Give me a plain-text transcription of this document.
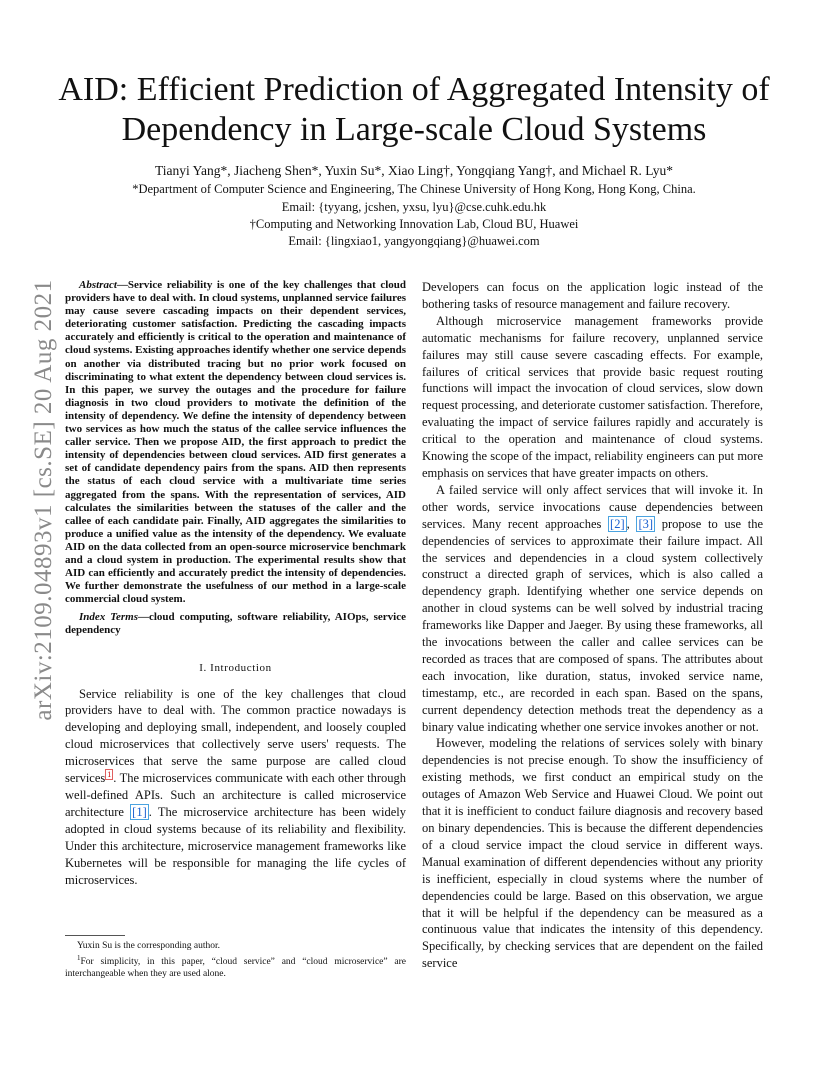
arXiv:2109.04893v1 [cs.SE] 20 Aug 2021
AID: Efficient Prediction of Aggregated Intensity of
Dependency in Large-scale Cloud Systems
Tianyi Yang*, Jiacheng Shen*, Yuxin Su*, Xiao Ling†, Yongqiang Yang†, and Michael R. Lyu*
*Department of Computer Science and Engineering, The Chinese University of Hong Kong, Hong Kong, China.
Email: {tyyang, jcshen, yxsu, lyu}@cse.cuhk.edu.hk
†Computing and Networking Innovation Lab, Cloud BU, Huawei
Email: {lingxiao1, yangyongqiang}@huawei.com

Abstract—Service reliability is one of the key challenges that cloud providers have to deal with. In cloud systems, unplanned service failures may cause severe cascading impacts on their dependent services, deteriorating customer satisfaction. Predicting the cascading impacts accurately and efficiently is critical to the operation and maintenance of cloud systems. Existing approaches identify whether one service depends on another via distributed tracing but no prior work focused on discriminating to what extent the dependency between cloud services is. In this paper, we survey the outages and the procedure for failure diagnosis in two cloud providers to motivate the definition of the intensity of dependency. We define the intensity of dependency between two services as how much the status of the callee service influences the caller service. Then we propose AID, the first approach to predict the intensity of dependencies between cloud services. AID first generates a set of candidate dependency pairs from the spans. AID then represents the status of each cloud service with a multivariate time series aggregated from the spans. With the representation of services, AID calculates the similarities between the statuses of the caller and the callee of each candidate pair. Finally, AID aggregates the similarities to produce a unified value as the intensity of the dependency. We evaluate AID on the data collected from an open-source microservice benchmark and a cloud system in production. The experimental results show that AID can efficiently and accurately predict the intensity of dependencies. We further demonstrate the usefulness of our method in a large-scale commercial cloud system.

Index Terms—cloud computing, software reliability, AIOps, service dependency

I. Introduction

Service reliability is one of the key challenges that cloud providers have to deal with. The common practice nowadays is developing and deploying small, independent, and loosely coupled cloud microservices that collectively serve users' requests. The microservices that serve the same purpose are called cloud services $^1$ . The microservices communicate with each other through well-defined APIs. Such an architecture is called microservice architecture [1] . The microservice architecture has been widely adopted in cloud systems because of its reliability and flexibility. Under this architecture, microservice management frameworks like Kubernetes will be responsible for managing the life cycles of microservices.

Developers can focus on the application logic instead of the bothering tasks of resource management and failure recovery.

Although microservice management frameworks provide automatic mechanisms for failure recovery, unplanned service failures may still cause severe cascading effects. For example, failures of critical services that provide basic request routing functions will impact the invocation of cloud services, slow down request processing, and deteriorate customer satisfaction. Therefore, evaluating the impact of service failures rapidly and accurately is critical to the operation and maintenance of cloud systems. Knowing the scope of the impact, reliability engineers can put more emphasis on services that have greater impacts on others.

A failed service will only affect services that will invoke it. In other words, service invocations cause dependencies between services. Many recent approaches [2] , [3] propose to use the dependencies of services to approximate their failure impact. All the services and dependencies in a cloud system collectively construct a directed graph of services, which is also called a dependency graph. Identifying whether one service depends on another in cloud systems can be well solved by industrial tracing frameworks like Dapper and Jaeger. By using these frameworks, all the invocations between the caller and callee services can be recorded as traces that are composed of spans. The attributes about each invocation, like duration, status, invoked service name, timestamp, etc., are recorded in each span. Based on the spans, current dependency detection methods treat the dependency as a binary value indicating whether one service invokes another or not.

However, modeling the relations of services solely with binary dependencies is not precise enough. To show the insufficiency of existing methods, we first conduct an empirical study on the outages of Amazon Web Service and Huawei Cloud. We point out that it is inefficient to conduct failure diagnosis and recovery based on binary dependencies. This is because the different dependencies of a cloud service impact the cloud service in different ways. Manual examination of different dependencies without any priority is inefficient, especially in cloud systems where the number of dependencies could be large. Based on this observation, we argue that it will be helpful if the dependency can be measured as a continuous value that indicates the intensity of this dependency. Specifically, by checking services that are dependent on the failed service

Yuxin Su is the corresponding author.

$^1$For simplicity, in this paper, “cloud service” and “cloud microservice” are interchangeable when they are used alone.
